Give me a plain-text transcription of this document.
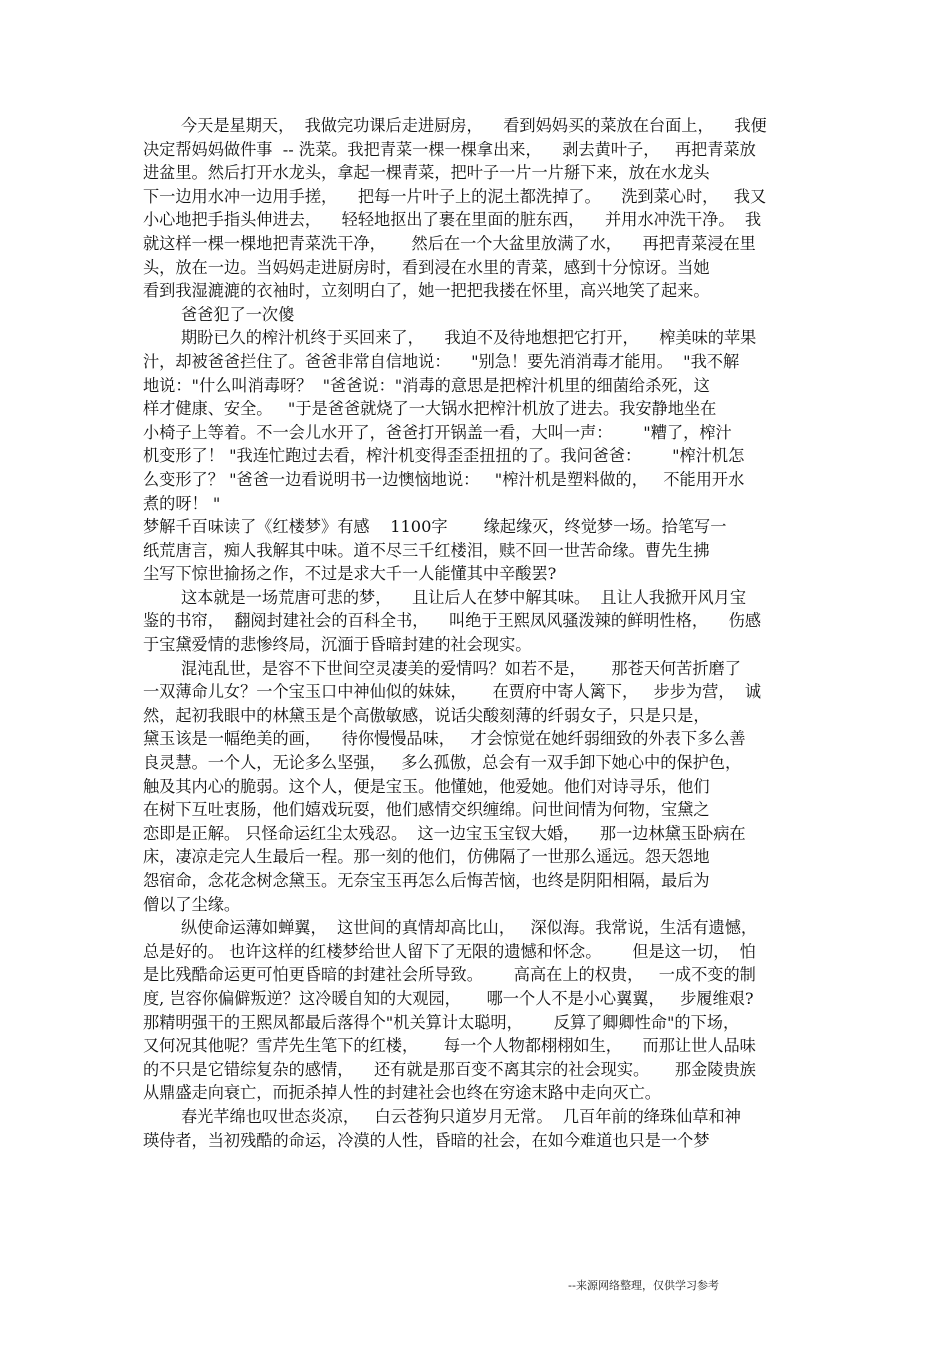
今天是星期天，  我做完功课后走进厨房，    看到妈妈买的菜放在台面上，    我便
决定帮妈妈做件事  -- 洗菜。我把青菜一棵一棵拿出来，    剥去黄叶子，   再把青菜放
进盆里。然后打开水龙头，拿起一棵青菜，把叶子一片一片掰下来，放在水龙头
下一边用水冲一边用手搓，    把每一片叶子上的泥土都洗掉了。    洗到菜心时，   我又
小心地把手指头伸进去，    轻轻地抠出了裹在里面的脏东西，    并用水冲洗干净。  我
就这样一棵一棵地把青菜洗干净，     然后在一个大盆里放满了水，    再把青菜浸在里
头，放在一边。当妈妈走进厨房时，看到浸在水里的青菜，感到十分惊讶。当她
看到我湿漉漉的衣袖时，立刻明白了，她一把把我搂在怀里，高兴地笑了起来。
爸爸犯了一次傻
期盼已久的榨汁机终于买回来了，    我迫不及待地想把它打开，    榨美味的苹果
汁，却被爸爸拦住了。爸爸非常自信地说：    "别急！要先消消毒才能用。  "我不解
地说："什么叫消毒呀？  "爸爸说："消毒的意思是把榨汁机里的细菌给杀死，这
样才健康、安全。   "于是爸爸就烧了一大锅水把榨汁机放了进去。我安静地坐在
小椅子上等着。不一会儿水开了，爸爸打开锅盖一看，大叫一声：      "糟了，榨汁
机变形了！ "我连忙跑过去看，榨汁机变得歪歪扭扭的了。我问爸爸：      "榨汁机怎
么变形了？ "爸爸一边看说明书一边懊恼地说：   "榨汁机是塑料做的，   不能用开水
煮的呀！ "
梦解千百味读了《红楼梦》有感    1100字       缘起缘灭，终觉梦一场。拾笔写一
纸荒唐言，痴人我解其中味。道不尽三千红楼泪，赎不回一世苦命缘。曹先生拂
尘写下惊世揄扬之作，不过是求大千一人能懂其中辛酸罢?
这本就是一场荒唐可悲的梦，    且让后人在梦中解其味。  且让人我掀开风月宝
鉴的书帘，  翻阅封建社会的百科全书，    叫绝于王熙凤风骚泼辣的鲜明性格，    伤感
于宝黛爱情的悲惨终局，沉湎于昏暗封建的社会现实。
混沌乱世，是容不下世间空灵凄美的爱情吗？如若不是，     那苍天何苦折磨了
一双薄命儿女？一个宝玉口中神仙似的妹妹，     在贾府中寄人篱下，   步步为营，  诚
然，起初我眼中的林黛玉是个高傲敏感，说话尖酸刻薄的纤弱女子，只是只是，
黛玉该是一幅绝美的画，    待你慢慢品味，   才会惊觉在她纤弱细致的外表下多么善
良灵慧。一个人，无论多么坚强，   多么孤傲，总会有一双手卸下她心中的保护色，
触及其内心的脆弱。这个人，便是宝玉。他懂她，他爱她。他们对诗寻乐，他们
在树下互吐衷肠，他们嬉戏玩耍，他们感情交织缠绵。问世间情为何物，宝黛之
恋即是正解。 只怪命运红尘太残忍。  这一边宝玉宝钗大婚，    那一边林黛玉卧病在
床，凄凉走完人生最后一程。那一刻的他们，仿佛隔了一世那么遥远。怨天怨地
怨宿命，念花念树念黛玉。无奈宝玉再怎么后悔苦恼，也终是阴阳相隔，最后为
僧以了尘缘。
纵使命运薄如蝉翼，  这世间的真情却高比山，   深似海。我常说，生活有遗憾，
总是好的。 也许这样的红楼梦给世人留下了无限的遗憾和怀念。      但是这一切，  怕
是比残酷命运更可怕更昏暗的封建社会所导致。      高高在上的权贵，   一成不变的制
度, 岂容你偏僻叛逆？这冷暖自知的大观园，     哪一个人不是小心翼翼，   步履维艰?
那精明强干的王熙凤都最后落得个"机关算计太聪明，      反算了卿卿性命"的下场，
又何况其他呢？雪芹先生笔下的红楼，     每一个人物都栩栩如生，    而那让世人品味
的不只是它错综复杂的感情，    还有就是那百变不离其宗的社会现实。     那金陵贵族
从鼎盛走向衰亡，而扼杀掉人性的封建社会也终在穷途末路中走向灭亡。
春光芊绵也叹世态炎凉，   白云苍狗只道岁月无常。  几百年前的绛珠仙草和神
瑛侍者，当初残酷的命运，冷漠的人性，昏暗的社会，在如今难道也只是一个梦
--来源网络整理，仅供学习参考
